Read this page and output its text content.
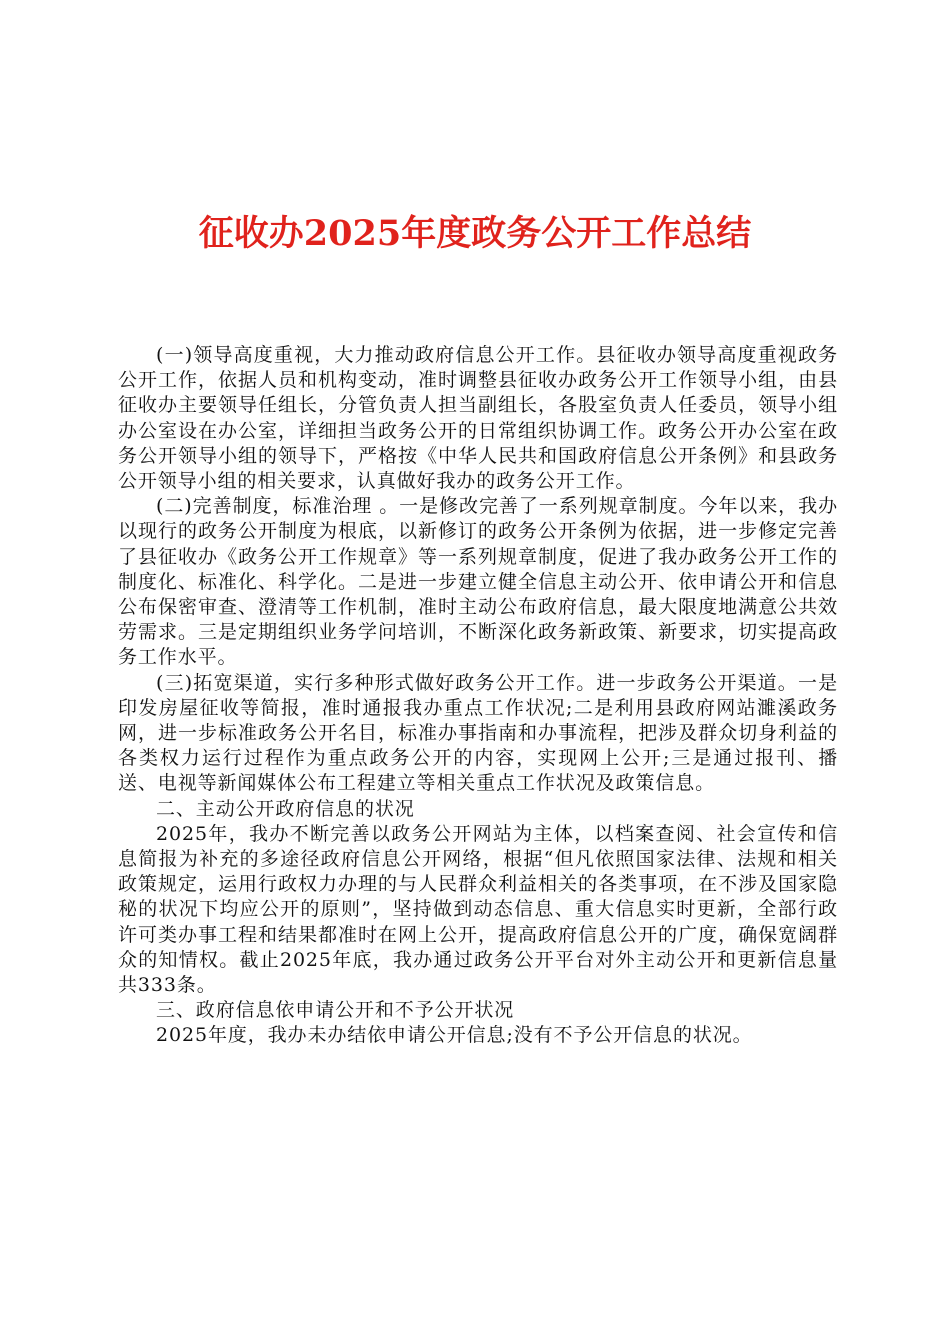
征收办2025年度政务公开工作总结

(一)领导高度重视，大力推动政府信息公开工作。县征收办领导高度重视政务公开工作，依据人员和机构变动，准时调整县征收办政务公开工作领导小组，由县征收办主要领导任组长，分管负责人担当副组长，各股室负责人任委员，领导小组办公室设在办公室，详细担当政务公开的日常组织协调工作。政务公开办公室在政务公开领导小组的领导下，严格按《中华人民共和国政府信息公开条例》和县政务公开领导小组的相关要求，认真做好我办的政务公开工作。

(二)完善制度，标准治理 。一是修改完善了一系列规章制度。今年以来，我办以现行的政务公开制度为根底，以新修订的政务公开条例为依据，进一步修定完善了县征收办《政务公开工作规章》等一系列规章制度，促进了我办政务公开工作的制度化、标准化、科学化。二是进一步建立健全信息主动公开、依申请公开和信息公布保密审查、澄清等工作机制，准时主动公布政府信息，最大限度地满意公共效劳需求。三是定期组织业务学问培训，不断深化政务新政策、新要求，切实提高政务工作水平。

(三)拓宽渠道，实行多种形式做好政务公开工作。进一步政务公开渠道。一是印发房屋征收等简报，准时通报我办重点工作状况;二是利用县政府网站濉溪政务网，进一步标准政务公开名目，标准办事指南和办事流程，把涉及群众切身利益的各类权力运行过程作为重点政务公开的内容，实现网上公开;三是通过报刊、播送、电视等新闻媒体公布工程建立等相关重点工作状况及政策信息。

二、主动公开政府信息的状况

2025年，我办不断完善以政务公开网站为主体，以档案查阅、社会宣传和信息简报为补充的多途径政府信息公开网络，根据“但凡依照国家法律、法规和相关政策规定，运用行政权力办理的与人民群众利益相关的各类事项，在不涉及国家隐秘的状况下均应公开的原则”，坚持做到动态信息、重大信息实时更新，全部行政许可类办事工程和结果都准时在网上公开，提高政府信息公开的广度，确保宽阔群众的知情权。截止2025年底，我办通过政务公开平台对外主动公开和更新信息量共333条。

三、政府信息依申请公开和不予公开状况

2025年度，我办未办结依申请公开信息;没有不予公开信息的状况。
